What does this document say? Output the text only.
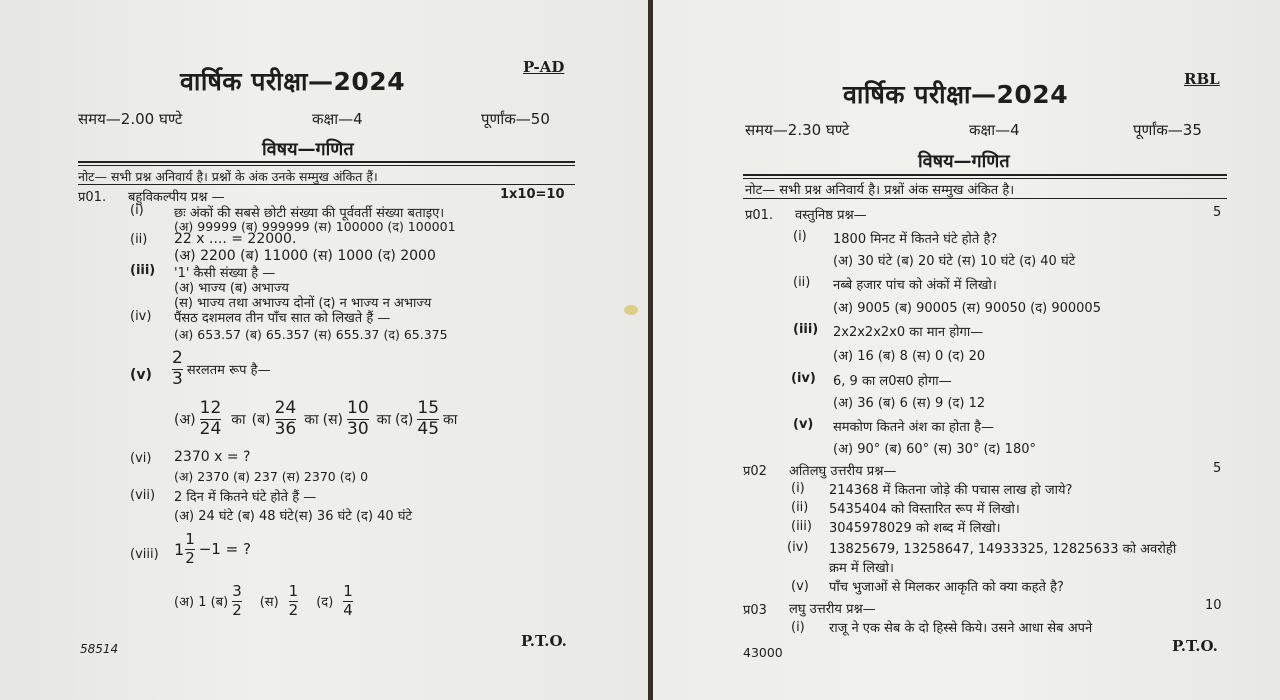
वार्षिक परीक्षा—2024	P-AD
समय—2.00 घण्टे	कक्षा—4	पूर्णांक—50
विषय—गणित
नोट— सभी प्रश्न अनिवार्य है। प्रश्नों के अंक उनके सम्मुख अंकित हैं।
प्र01. बहुविकल्पीय प्रश्न —	1x10=10
(i) छः अंकों की सबसे छोटी संख्या की पूर्ववर्ती संख्या बताइए।
(अ) 99999 (ब) 999999 (स) 100000 (द) 100001
(ii) 22 x .... = 22000.
(अ) 2200 (ब) 11000 (स) 1000 (द) 2000
(iii) '1' कैसी संख्या है —
(अ) भाज्य (ब) अभाज्य
(स) भाज्य तथा अभाज्य दोनों (द) न भाज्य न अभाज्य
(iv) पैंसठ दशमलव तीन पाँच सात को लिखते हैं —
(अ) 653.57 (ब) 65.357 (स) 655.37 (द) 65.375
$(v) \frac{2}{3}$ सरलतम रूप है—
(अ) $\frac{12}{24}$ का (ब) $\frac{24}{36}$ का (स) $\frac{10}{30}$ का (द) $\frac{15}{45}$ का
(vi) 2370 x = ?
(अ) 2370 (ब) 237 (स) 2370 (द) 0
(vii) 2 दिन में कितने घंटे होते हैं —
(अ) 24 घंटे (ब) 48 घंटे(स) 36 घंटे (द) 40 घंटे
(viii) $1 \frac{1}{2} -1$ = ?
(अ) 1 (ब) $\frac{3}{2}$ (स) $\frac{1}{2}$ (द) $\frac{1}{4}$
58514	P.T.O.
वार्षिक परीक्षा—2024
RBL
समय—2.30 घण्टे	कक्षा—4	पूर्णांक—35
विषय—गणित
नोट— सभी प्रश्न अनिवार्य है। प्रश्नों अंक सम्मुख अंकित है।
प्र01. वस्तुनिष्ठ प्रश्न—	5
(i) 1800 मिनट में कितने घंटे होते है?
(अ) 30 घंटे (ब) 20 घंटे (स) 10 घंटे (द) 40 घंटे
(ii) नब्बे हजार पांच को अंकों में लिखो।
(अ) 9005 (ब) 90005 (स) 90050 (द) 900005
(iii) 2x2x2x2x0 का मान होगा—
(अ) 16 (ब) 8 (स) 0 (द) 20
(iv) 6, 9 का ल0स0 होगा—
(अ) 36 (ब) 6 (स) 9 (द) 12
(v) समकोण कितने अंश का होता है—
(अ) 90° (ब) 60° (स) 30° (द) 180°
प्र02 अतिलघु उत्तरीय प्रश्न—	5
(i) 214368 में कितना जोड़े की पचास लाख हो जाये?
(ii) 5435404 को विस्तारित रूप में लिखो।
(iii) 3045978029 को शब्द में लिखो।
(iv) 13825679, 13258647, 14933325, 12825633 को अवरोही
क्रम में लिखो।
(v) पाँच भुजाओं से मिलकर आकृति को क्या कहते है?
प्र03 लघु उत्तरीय प्रश्न—	10
(i) राजू ने एक सेब के दो हिस्से किये। उसने आधा सेब अपने
43000	P.T.O.
